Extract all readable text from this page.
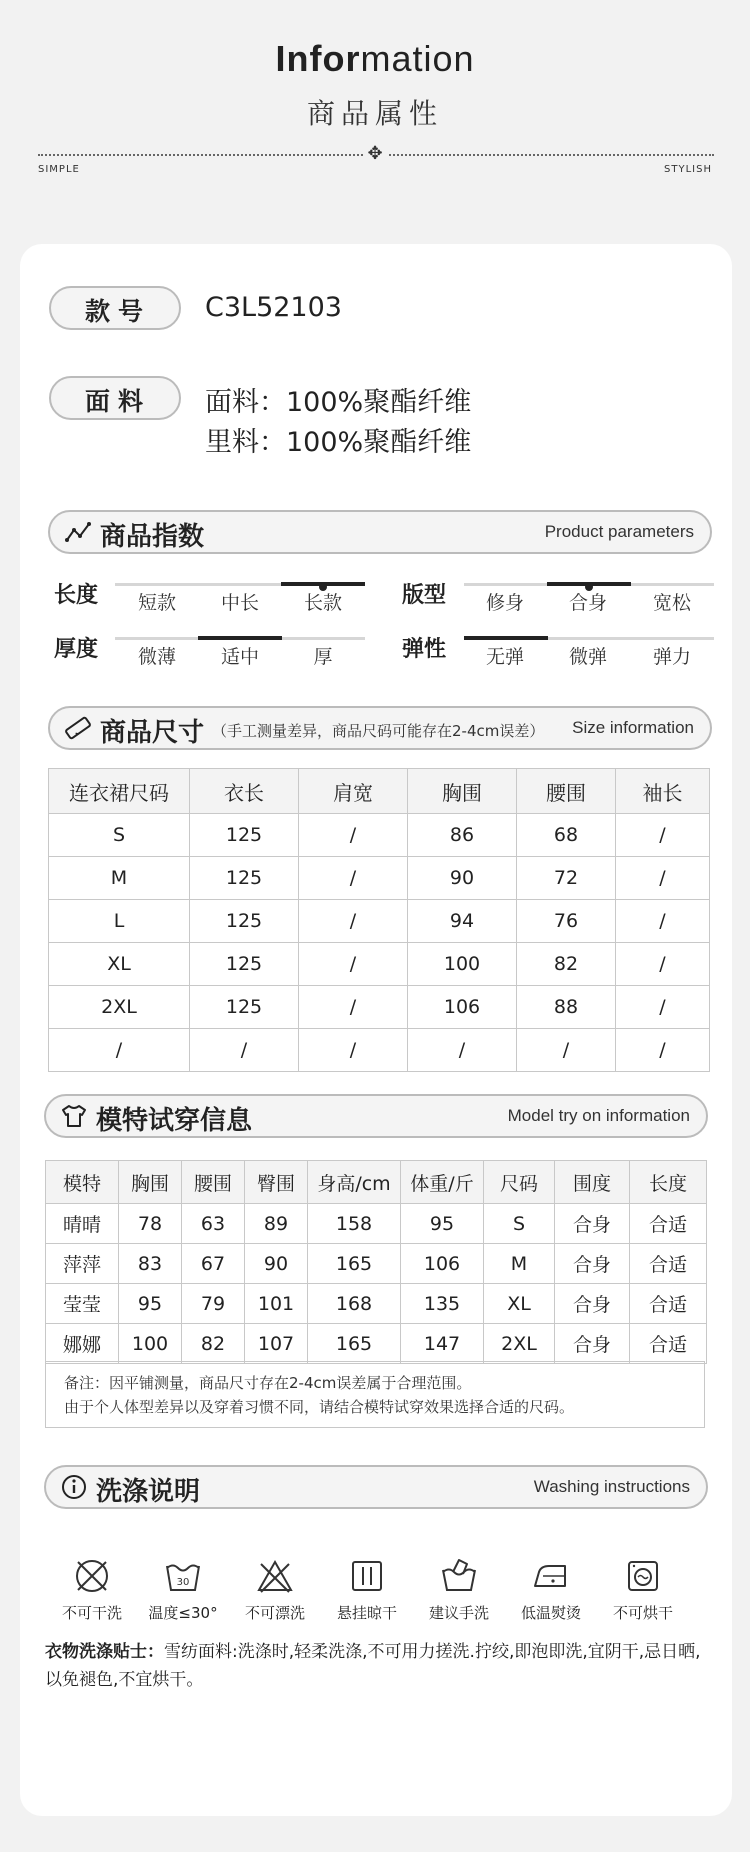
Information
商品属性
✥
SIMPLE	STYLISH
款号 C3L52103
面料 面料：100%聚酯纤维
里料：100%聚酯纤维
商品指数	Product parameters
长度	短款	中长	长款	版型	修身	合身	宽松
厚度	微薄	适中	厚	弹性	无弹	微弹	弹力
商品尺寸 （手工测量差异，商品尺码可能存在2-4cm误差） Size information
连衣裙尺码	衣长	肩宽	胸围	腰围	袖长
S	125	/	86	68	/
M	125	/	90	72	/
L	125	/	94	76	/
XL	125	/	100	82	/
2XL	125	/	106	88	/
/	/	/	/	/	/
模特试穿信息	Model try on information
模特	胸围	腰围	臀围	身高/cm	体重/斤	尺码	围度	长度
晴晴	78	63	89	158	95	S	合身	合适
萍萍	83	67	90	165	106	M	合身	合适
莹莹	95	79	101	168	135	XL	合身	合适
娜娜	100	82	107	165	147	2XL	合身	合适
备注：因平铺测量，商品尺寸存在2-4cm误差属于合理范围。
由于个人体型差异以及穿着习惯不同，请结合模特试穿效果选择合适的尺码。
洗涤说明	Washing instructions
不可干洗
30
温度≤30°	不可漂洗	悬挂晾干	建议手洗	低温熨烫	不可烘干
衣物洗涤贴士：雪纺面料:洗涤时,轻柔洗涤,不可用力搓洗.拧绞,即泡即洗,宜阴干,忌日晒,以免褪色,不宜烘干。
